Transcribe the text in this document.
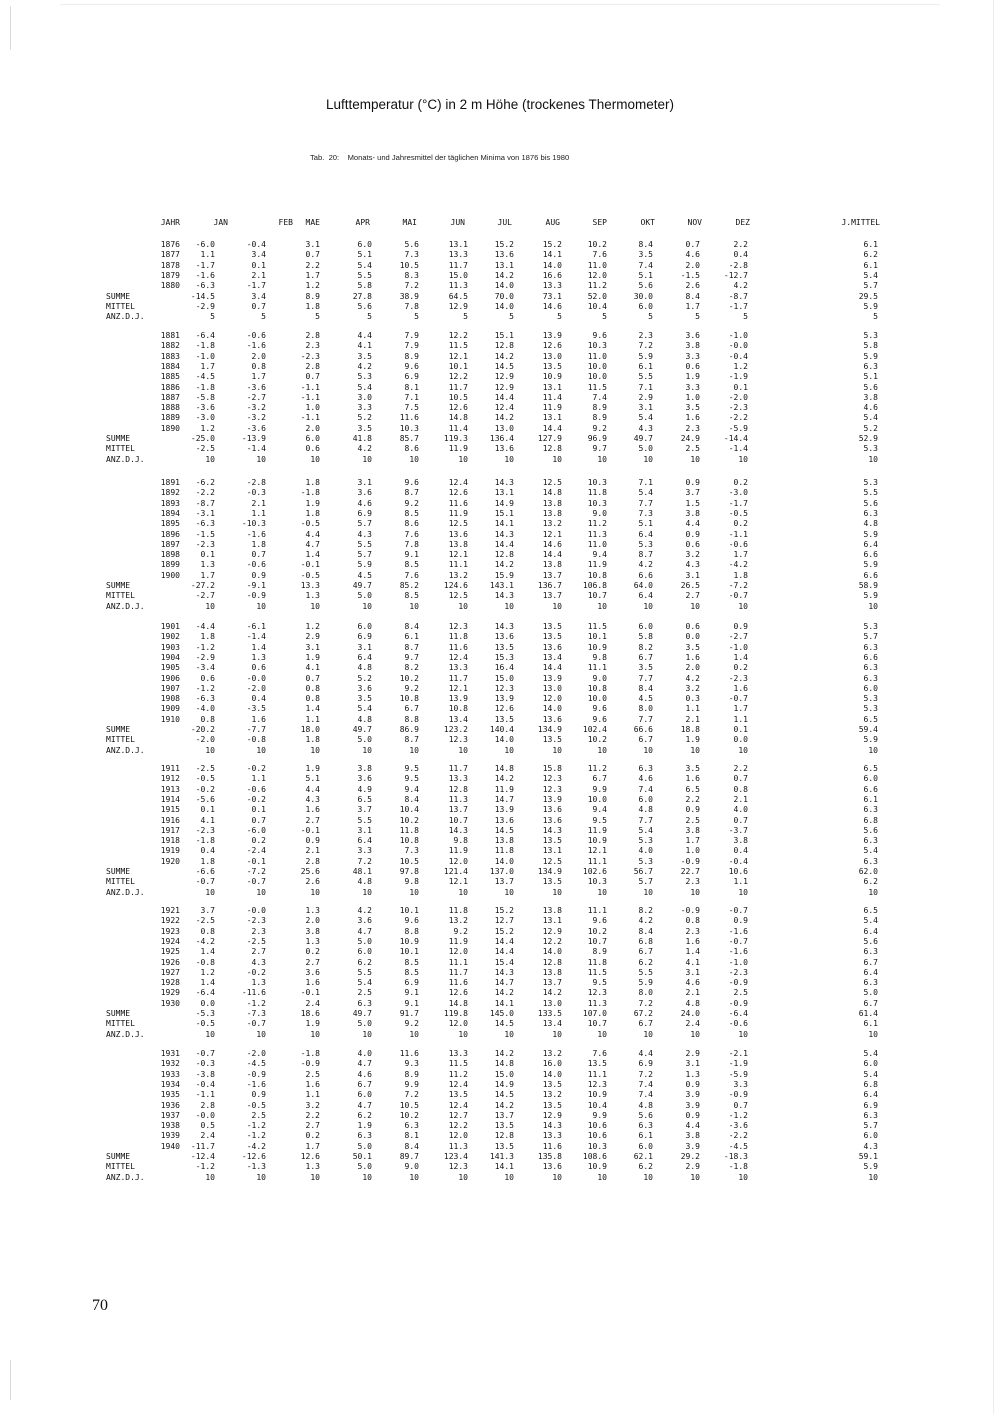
Lufttemperatur (°C) in 2 m Höhe (trockenes Thermometer)
Tab.  20:    Monats- und Jahresmittel der täglichen Minima von 1876 bis 1980
JAHR	JAN	FEB	MAE	APR	MAI	JUN	JUL	AUG	SEP	OKT	NOV	DEZ	J.MITTEL
1876	-6.0	-0.4	3.1	6.0	5.6	13.1	15.2	15.2	10.2	8.4	0.7	2.2	6.1
1877	1.1	3.4	0.7	5.1	7.3	13.3	13.6	14.1	7.6	3.5	4.6	0.4	6.2
1878	-1.7	0.1	2.2	5.4	10.5	11.7	13.1	14.0	11.0	7.4	2.0	-2.8	6.1
1879	-1.6	2.1	1.7	5.5	8.3	15.0	14.2	16.6	12.0	5.1	-1.5	-12.7	5.4
1880	-6.3	-1.7	1.2	5.8	7.2	11.3	14.0	13.3	11.2	5.6	2.6	4.2	5.7
SUMME	-14.5	3.4	8.9	27.8	38.9	64.5	70.0	73.1	52.0	30.0	8.4	-8.7	29.5
MITTEL	-2.9	0.7	1.8	5.6	7.8	12.9	14.0	14.6	10.4	6.0	1.7	-1.7	5.9
ANZ.D.J.	5	5	5	5	5	5	5	5	5	5	5	5	5
1881	-6.4	-0.6	2.8	4.4	7.9	12.2	15.1	13.9	9.6	2.3	3.6	-1.0	5.3
1882	-1.8	-1.6	2.3	4.1	7.9	11.5	12.8	12.6	10.3	7.2	3.8	-0.0	5.8
1883	-1.0	2.0	-2.3	3.5	8.9	12.1	14.2	13.0	11.0	5.9	3.3	-0.4	5.9
1884	1.7	0.8	2.8	4.2	9.6	10.1	14.5	13.5	10.0	6.1	0.6	1.2	6.3
1885	-4.5	1.7	0.7	5.3	6.9	12.2	12.9	10.9	10.0	5.5	1.9	-1.9	5.1
1886	-1.8	-3.6	-1.1	5.4	8.1	11.7	12.9	13.1	11.5	7.1	3.3	0.1	5.6
1887	-5.8	-2.7	-1.1	3.0	7.1	10.5	14.4	11.4	7.4	2.9	1.0	-2.0	3.8
1888	-3.6	-3.2	1.0	3.3	7.5	12.6	12.4	11.9	8.9	3.1	3.5	-2.3	4.6
1889	-3.0	-3.2	-1.1	5.2	11.6	14.8	14.2	13.1	8.9	5.4	1.6	-2.2	5.4
1890	1.2	-3.6	2.0	3.5	10.3	11.4	13.0	14.4	9.2	4.3	2.3	-5.9	5.2
SUMME	-25.0	-13.9	6.0	41.8	85.7	119.3	136.4	127.9	96.9	49.7	24.9	-14.4	52.9
MITTEL	-2.5	-1.4	0.6	4.2	8.6	11.9	13.6	12.8	9.7	5.0	2.5	-1.4	5.3
ANZ.D.J.	10	10	10	10	10	10	10	10	10	10	10	10	10
1891	-6.2	-2.8	1.8	3.1	9.6	12.4	14.3	12.5	10.3	7.1	0.9	0.2	5.3
1892	-2.2	-0.3	-1.8	3.6	8.7	12.6	13.1	14.8	11.8	5.4	3.7	-3.0	5.5
1893	-8.7	2.1	1.9	4.6	9.2	11.6	14.9	13.8	10.3	7.7	1.5	-1.7	5.6
1894	-3.1	1.1	1.8	6.9	8.5	11.9	15.1	13.8	9.0	7.3	3.8	-0.5	6.3
1895	-6.3	-10.3	-0.5	5.7	8.6	12.5	14.1	13.2	11.2	5.1	4.4	0.2	4.8
1896	-1.5	-1.6	4.4	4.3	7.6	13.6	14.3	12.1	11.3	6.4	0.9	-1.1	5.9
1897	-2.3	1.8	4.7	5.5	7.8	13.8	14.4	14.6	11.0	5.3	0.6	-0.6	6.4
1898	0.1	0.7	1.4	5.7	9.1	12.1	12.8	14.4	9.4	8.7	3.2	1.7	6.6
1899	1.3	-0.6	-0.1	5.9	8.5	11.1	14.2	13.8	11.9	4.2	4.3	-4.2	5.9
1900	1.7	0.9	-0.5	4.5	7.6	13.2	15.9	13.7	10.8	6.6	3.1	1.8	6.6
SUMME	-27.2	-9.1	13.3	49.7	85.2	124.6	143.1	136.7	106.8	64.0	26.5	-7.2	58.9
MITTEL	-2.7	-0.9	1.3	5.0	8.5	12.5	14.3	13.7	10.7	6.4	2.7	-0.7	5.9
ANZ.D.J.	10	10	10	10	10	10	10	10	10	10	10	10	10
1901	-4.4	-6.1	1.2	6.0	8.4	12.3	14.3	13.5	11.5	6.0	0.6	0.9	5.3
1902	1.8	-1.4	2.9	6.9	6.1	11.8	13.6	13.5	10.1	5.8	0.0	-2.7	5.7
1903	-1.2	1.4	3.1	3.1	8.7	11.6	13.5	13.6	10.9	8.2	3.5	-1.0	6.3
1904	-2.9	1.3	1.9	6.4	9.7	12.4	15.3	13.4	9.8	6.7	1.6	1.4	6.6
1905	-3.4	0.6	4.1	4.8	8.2	13.3	16.4	14.4	11.1	3.5	2.0	0.2	6.3
1906	0.6	-0.0	0.7	5.2	10.2	11.7	15.0	13.9	9.0	7.7	4.2	-2.3	6.3
1907	-1.2	-2.0	0.8	3.6	9.2	12.1	12.3	13.0	10.8	8.4	3.2	1.6	6.0
1908	-6.3	0.4	0.8	3.5	10.8	13.9	13.9	12.0	10.0	4.5	0.3	-0.7	5.3
1909	-4.0	-3.5	1.4	5.4	6.7	10.8	12.6	14.0	9.6	8.0	1.1	1.7	5.3
1910	0.8	1.6	1.1	4.8	8.8	13.4	13.5	13.6	9.6	7.7	2.1	1.1	6.5
SUMME	-20.2	-7.7	18.0	49.7	86.9	123.2	140.4	134.9	102.4	66.6	18.8	0.1	59.4
MITTEL	-2.0	-0.8	1.8	5.0	8.7	12.3	14.0	13.5	10.2	6.7	1.9	0.0	5.9
ANZ.D.J.	10	10	10	10	10	10	10	10	10	10	10	10	10
1911	-2.5	-0.2	1.9	3.8	9.5	11.7	14.8	15.8	11.2	6.3	3.5	2.2	6.5
1912	-0.5	1.1	5.1	3.6	9.5	13.3	14.2	12.3	6.7	4.6	1.6	0.7	6.0
1913	-0.2	-0.6	4.4	4.9	9.4	12.8	11.9	12.3	9.9	7.4	6.5	0.8	6.6
1914	-5.6	-0.2	4.3	6.5	8.4	11.3	14.7	13.9	10.0	6.0	2.2	2.1	6.1
1915	0.1	0.1	1.6	3.7	10.4	13.7	13.9	13.6	9.4	4.8	0.9	4.0	6.3
1916	4.1	0.7	2.7	5.5	10.2	10.7	13.6	13.6	9.5	7.7	2.5	0.7	6.8
1917	-2.3	-6.0	-0.1	3.1	11.8	14.3	14.5	14.3	11.9	5.4	3.8	-3.7	5.6
1918	-1.8	0.2	0.9	6.4	10.8	9.8	13.8	13.5	10.9	5.3	1.7	3.8	6.3
1919	0.4	-2.4	2.1	3.3	7.3	11.9	11.8	13.1	12.1	4.0	1.0	0.4	5.4
1920	1.8	-0.1	2.8	7.2	10.5	12.0	14.0	12.5	11.1	5.3	-0.9	-0.4	6.3
SUMME	-6.6	-7.2	25.6	48.1	97.8	121.4	137.0	134.9	102.6	56.7	22.7	10.6	62.0
MITTEL	-0.7	-0.7	2.6	4.8	9.8	12.1	13.7	13.5	10.3	5.7	2.3	1.1	6.2
ANZ.D.J.	10	10	10	10	10	10	10	10	10	10	10	10	10
1921	3.7	-0.0	1.3	4.2	10.1	11.8	15.2	13.8	11.1	8.2	-0.9	-0.7	6.5
1922	-2.5	-2.3	2.0	3.6	9.6	13.2	12.7	13.1	9.6	4.2	0.8	0.9	5.4
1923	0.8	2.3	3.8	4.7	8.8	9.2	15.2	12.9	10.2	8.4	2.3	-1.6	6.4
1924	-4.2	-2.5	1.3	5.0	10.9	11.9	14.4	12.2	10.7	6.8	1.6	-0.7	5.6
1925	1.4	2.7	0.2	6.0	10.1	12.0	14.4	14.0	8.9	6.7	1.4	-1.6	6.3
1926	-0.8	4.3	2.7	6.2	8.5	11.1	15.4	12.8	11.8	6.2	4.1	-1.0	6.7
1927	1.2	-0.2	3.6	5.5	8.5	11.7	14.3	13.8	11.5	5.5	3.1	-2.3	6.4
1928	1.4	1.3	1.6	5.4	6.9	11.6	14.7	13.7	9.5	5.9	4.6	-0.9	6.3
1929	-6.4	-11.6	-0.1	2.5	9.1	12.6	14.2	14.2	12.3	8.0	2.1	2.5	5.0
1930	0.0	-1.2	2.4	6.3	9.1	14.8	14.1	13.0	11.3	7.2	4.8	-0.9	6.7
SUMME	-5.3	-7.3	18.6	49.7	91.7	119.8	145.0	133.5	107.0	67.2	24.0	-6.4	61.4
MITTEL	-0.5	-0.7	1.9	5.0	9.2	12.0	14.5	13.4	10.7	6.7	2.4	-0.6	6.1
ANZ.D.J.	10	10	10	10	10	10	10	10	10	10	10	10	10
1931	-0.7	-2.0	-1.8	4.0	11.6	13.3	14.2	13.2	7.6	4.4	2.9	-2.1	5.4
1932	-0.3	-4.5	-0.9	4.7	9.3	11.5	14.8	16.0	13.5	6.9	3.1	-1.9	6.0
1933	-3.8	-0.9	2.5	4.6	8.9	11.2	15.0	14.0	11.1	7.2	1.3	-5.9	5.4
1934	-0.4	-1.6	1.6	6.7	9.9	12.4	14.9	13.5	12.3	7.4	0.9	3.3	6.8
1935	-1.1	0.9	1.1	6.0	7.2	13.5	14.5	13.2	10.9	7.4	3.9	-0.9	6.4
1936	2.8	-0.5	3.2	4.7	10.5	12.4	14.2	13.5	10.4	4.8	3.9	0.7	6.9
1937	-0.0	2.5	2.2	6.2	10.2	12.7	13.7	12.9	9.9	5.6	0.9	-1.2	6.3
1938	0.5	-1.2	2.7	1.9	6.3	12.2	13.5	14.3	10.6	6.3	4.4	-3.6	5.7
1939	2.4	-1.2	0.2	6.3	8.1	12.0	12.8	13.3	10.6	6.1	3.8	-2.2	6.0
1940	-11.7	-4.2	1.7	5.0	8.4	11.3	13.5	11.6	10.3	6.0	3.9	-4.5	4.3
SUMME	-12.4	-12.6	12.6	50.1	89.7	123.4	141.3	135.8	108.6	62.1	29.2	-18.3	59.1
MITTEL	-1.2	-1.3	1.3	5.0	9.0	12.3	14.1	13.6	10.9	6.2	2.9	-1.8	5.9
ANZ.D.J.	10	10	10	10	10	10	10	10	10	10	10	10	10
70
